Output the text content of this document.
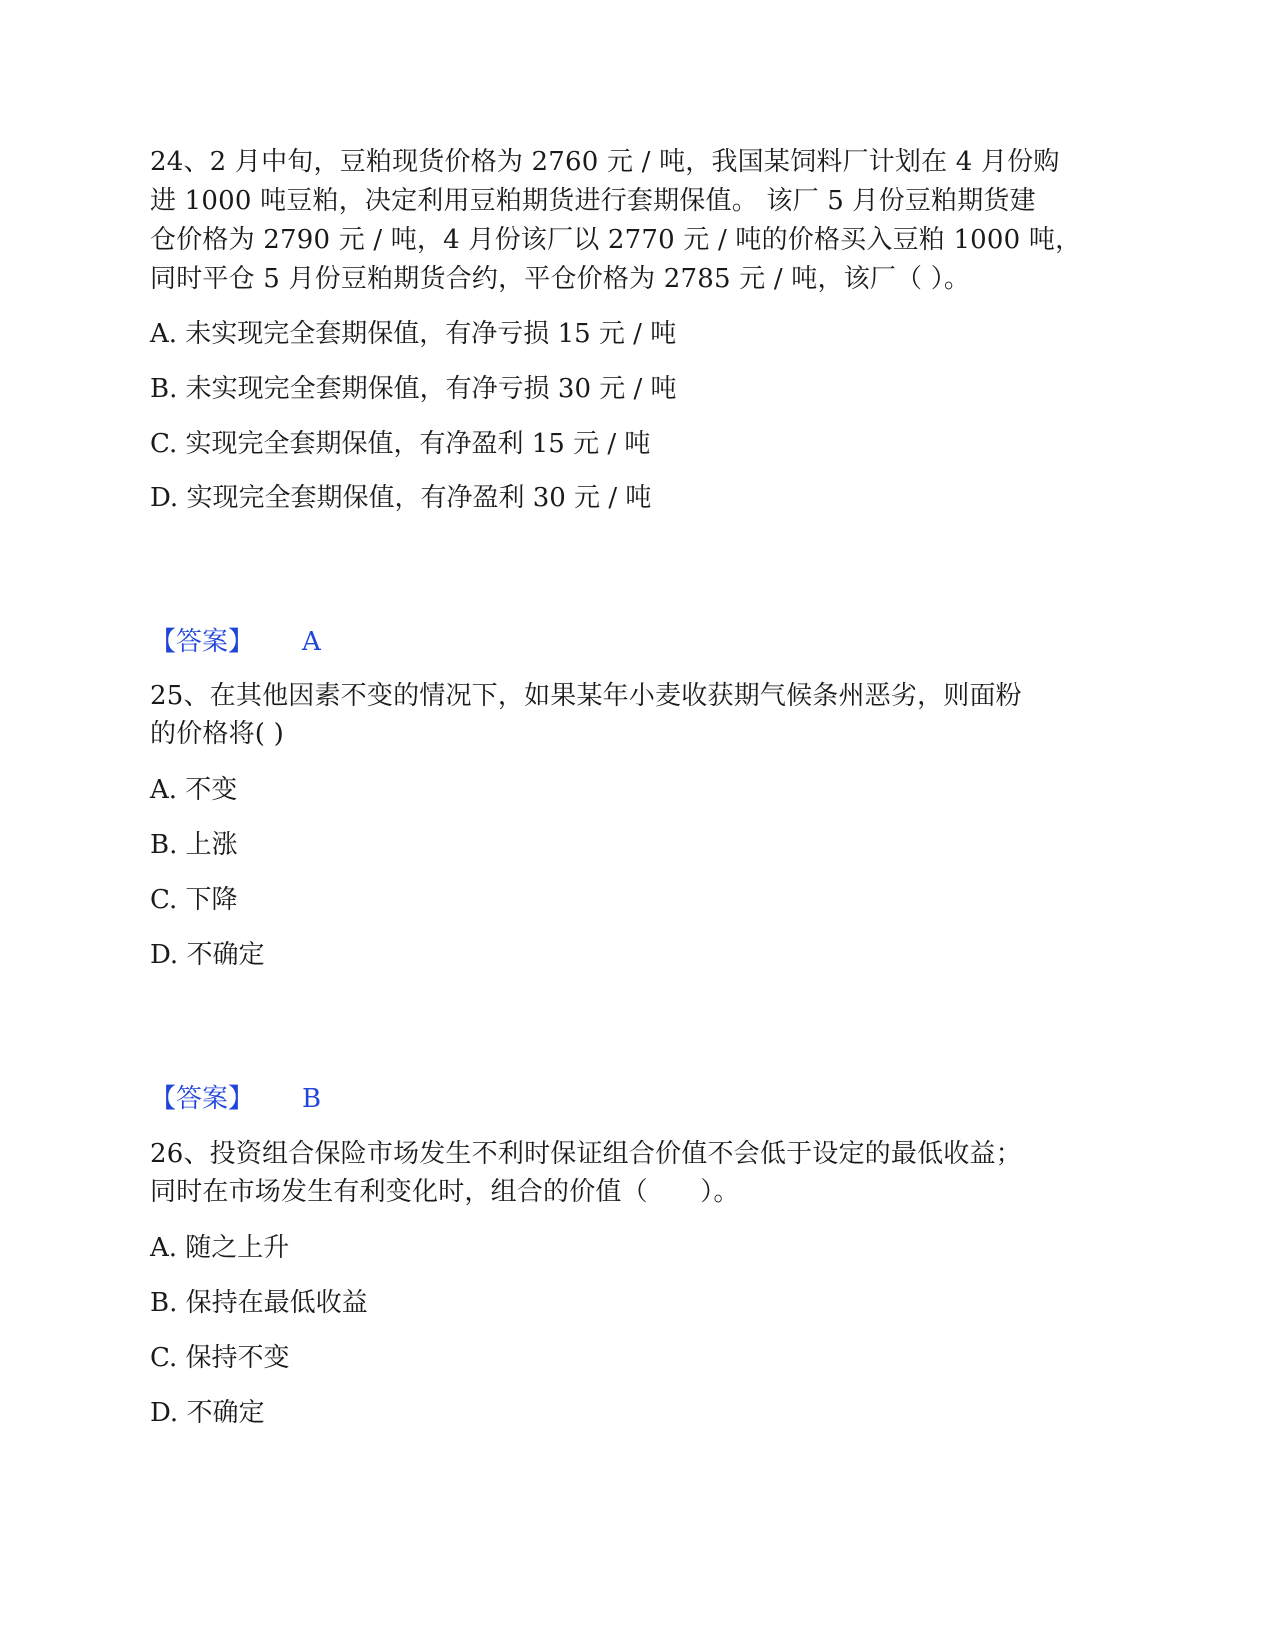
24、2 月中旬，豆粕现货价格为 2760 元 / 吨，我国某饲料厂计划在 4 月份购
进 1000 吨豆粕，决定利用豆粕期货进行套期保值。 该厂 5 月份豆粕期货建
仓价格为 2790 元 / 吨，4 月份该厂以 2770 元 / 吨的价格买入豆粕 1000 吨，
同时平仓 5 月份豆粕期货合约，平仓价格为 2785 元 / 吨，该厂（ ）。
A. 未实现完全套期保值，有净亏损 15 元 / 吨
B. 未实现完全套期保值，有净亏损 30 元 / 吨
C. 实现完全套期保值，有净盈利 15 元 / 吨
D. 实现完全套期保值，有净盈利 30 元 / 吨
【答案】 A
25、在其他因素不变的情况下，如果某年小麦收获期气候条州恶劣，则面粉
的价格将( )
A. 不变
B. 上涨
C. 下降
D. 不确定
【答案】 B
26、投资组合保险市场发生不利时保证组合价值不会低于设定的最低收益；
同时在市场发生有利变化时，组合的价值（　　）。
A. 随之上升
B. 保持在最低收益
C. 保持不变
D. 不确定
